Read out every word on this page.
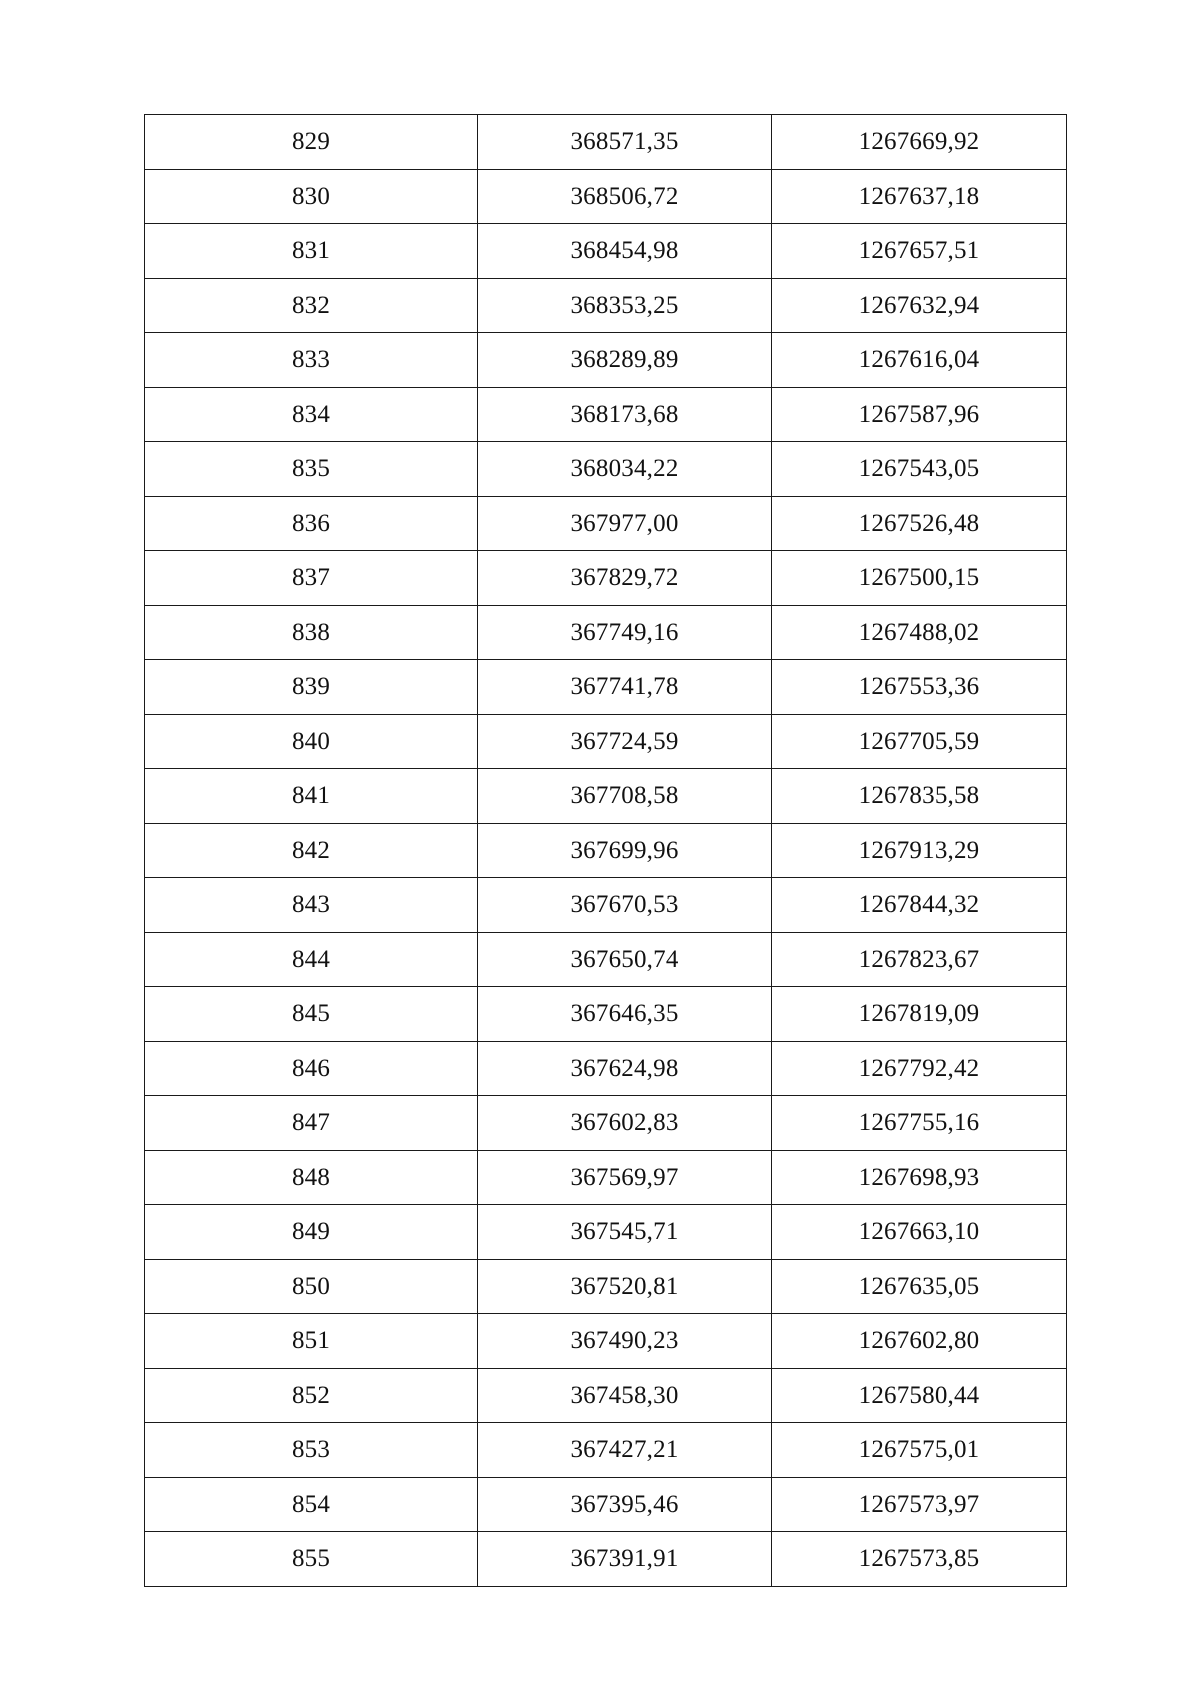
829	368571,35	1267669,92
830	368506,72	1267637,18
831	368454,98	1267657,51
832	368353,25	1267632,94
833	368289,89	1267616,04
834	368173,68	1267587,96
835	368034,22	1267543,05
836	367977,00	1267526,48
837	367829,72	1267500,15
838	367749,16	1267488,02
839	367741,78	1267553,36
840	367724,59	1267705,59
841	367708,58	1267835,58
842	367699,96	1267913,29
843	367670,53	1267844,32
844	367650,74	1267823,67
845	367646,35	1267819,09
846	367624,98	1267792,42
847	367602,83	1267755,16
848	367569,97	1267698,93
849	367545,71	1267663,10
850	367520,81	1267635,05
851	367490,23	1267602,80
852	367458,30	1267580,44
853	367427,21	1267575,01
854	367395,46	1267573,97
855	367391,91	1267573,85
